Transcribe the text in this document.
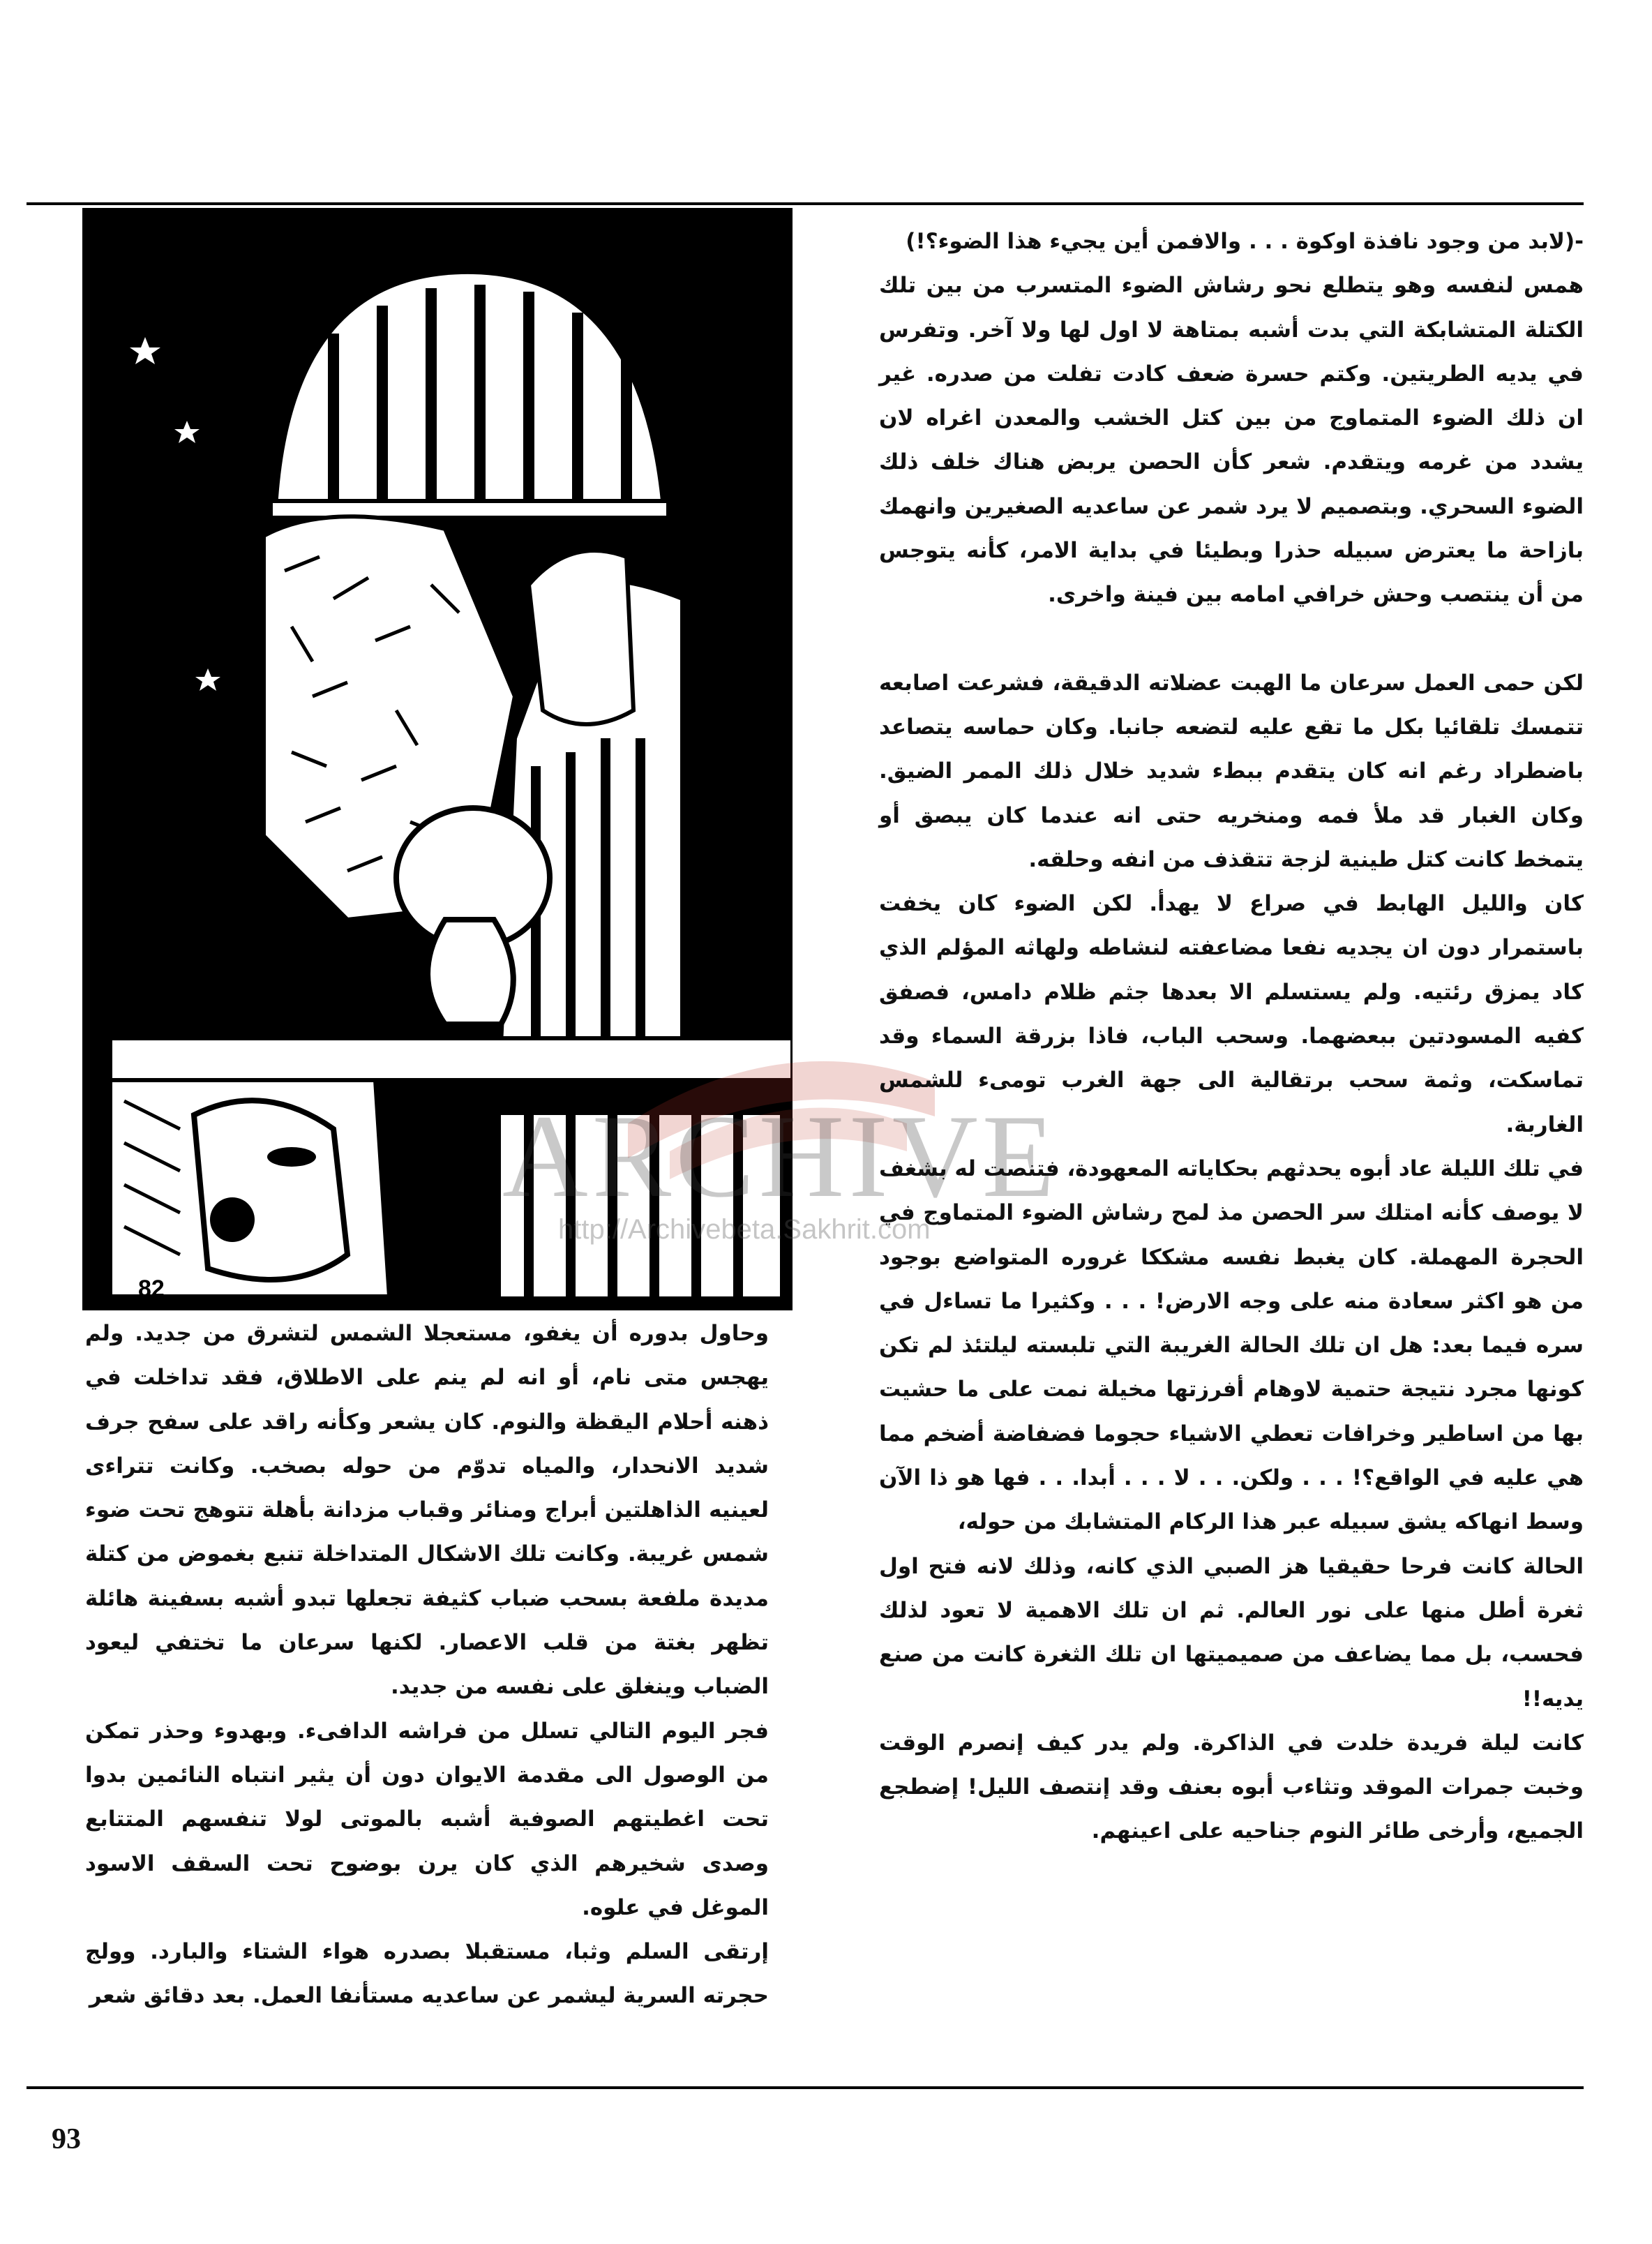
82
ARCHIVE
http://Archivebeta.Sakhrit.com

-(لابد من وجود نافذة اوكوة . . . والافمن أين يجيء هذا الضوء؟!)

همس لنفسه وهو يتطلع نحو رشاش الضوء المتسرب من بين تلك الكتلة المتشابكة التي بدت أشبه بمتاهة لا اول لها ولا آخر. وتفرس في يديه الطريتين. وكتم حسرة ضعف كادت تفلت من صدره. غير ان ذلك الضوء المتماوج من بين كتل الخشب والمعدن اغراه لان يشدد من غرمه ويتقدم. شعر كأن الحصن يربض هناك خلف ذلك الضوء السحري. وبتصميم لا يرد شمر عن ساعديه الصغيرين وانهمك بازاحة ما يعترض سبيله حذرا وبطيئا في بداية الامر، كأنه يتوجس من أن ينتصب وحش خرافي امامه بين فينة واخرى.

لكن حمى العمل سرعان ما الهبت عضلاته الدقيقة، فشرعت اصابعه تتمسك تلقائيا بكل ما تقع عليه لتضعه جانبا. وكان حماسه يتصاعد باضطراد رغم انه كان يتقدم ببطء شديد خلال ذلك الممر الضيق. وكان الغبار قد ملأ فمه ومنخريه حتى انه عندما كان يبصق أو يتمخط كانت كتل طينية لزجة تتقذف من انفه وحلقه.

كان والليل الهابط في صراع لا يهدأ. لكن الضوء كان يخفت باستمرار دون ان يجديه نفعا مضاعفته لنشاطه ولهاثه المؤلم الذي كاد يمزق رئتيه. ولم يستسلم الا بعدها جثم ظلام دامس، فصفق كفيه المسودتين ببعضهما. وسحب الباب، فاذا بزرقة السماء وقد تماسكت، وثمة سحب برتقالية الى جهة الغرب تومىء للشمس الغاربة.

في تلك الليلة عاد أبوه يحدثهم بحكاياته المعهودة، فتنصت له بشغف لا يوصف كأنه امتلك سر الحصن مذ لمح رشاش الضوء المتماوج في الحجرة المهملة. كان يغبط نفسه مشككا غروره المتواضع بوجود من هو اكثر سعادة منه على وجه الارض! . . . وكثيرا ما تساءل في سره فيما بعد: هل ان تلك الحالة الغريبة التي تلبسته ليلتئذ لم تكن كونها مجرد نتيجة حتمية لاوهام أفرزتها مخيلة نمت على ما حشيت بها من اساطير وخرافات تعطي الاشياء حجوما فضفاضة أضخم مما هي عليه في الواقع؟! . . . ولكن. . . لا . . . أبدا. . . فها هو ذا الآن وسط انهاكه يشق سبيله عبر هذا الركام المتشابك من حوله،

الحالة كانت فرحا حقيقيا هز الصبي الذي كانه، وذلك لانه فتح اول ثغرة أطل منها على نور العالم. ثم ان تلك الاهمية لا تعود لذلك فحسب، بل مما يضاعف من صميميتها ان تلك الثغرة كانت من صنع يديه!!

كانت ليلة فريدة خلدت في الذاكرة. ولم يدر كيف إنصرم الوقت وخبت جمرات الموقد وتثاءب أبوه بعنف وقد إنتصف الليل! إضطجع الجميع، وأرخى طائر النوم جناحيه على اعينهم.

وحاول بدوره أن يغفو، مستعجلا الشمس لتشرق من جديد. ولم يهجس متى نام، أو انه لم ينم على الاطلاق، فقد تداخلت في ذهنه أحلام اليقظة والنوم. كان يشعر وكأنه راقد على سفح جرف شديد الانحدار، والمياه تدوّم من حوله بصخب. وكانت تتراءى لعينيه الذاهلتين أبراج ومنائر وقباب مزدانة بأهلة تتوهج تحت ضوء شمس غريبة. وكانت تلك الاشكال المتداخلة تنبع بغموض من كتلة مديدة ملفعة بسحب ضباب كثيفة تجعلها تبدو أشبه بسفينة هائلة تظهر بغتة من قلب الاعصار. لكنها سرعان ما تختفي ليعود الضباب وينغلق على نفسه من جديد.

فجر اليوم التالي تسلل من فراشه الدافىء. وبهدوء وحذر تمكن من الوصول الى مقدمة الايوان دون أن يثير انتباه النائمين بدوا تحت اغطيتهم الصوفية أشبه بالموتى لولا تنفسهم المتتابع وصدى شخيرهم الذي كان يرن بوضوح تحت السقف الاسود الموغل في علوه.

إرتقى السلم وثبا، مستقبلا بصدره هواء الشتاء والبارد. وولج حجرته السرية ليشمر عن ساعديه مستأنفا العمل. بعد دقائق شعر

93
